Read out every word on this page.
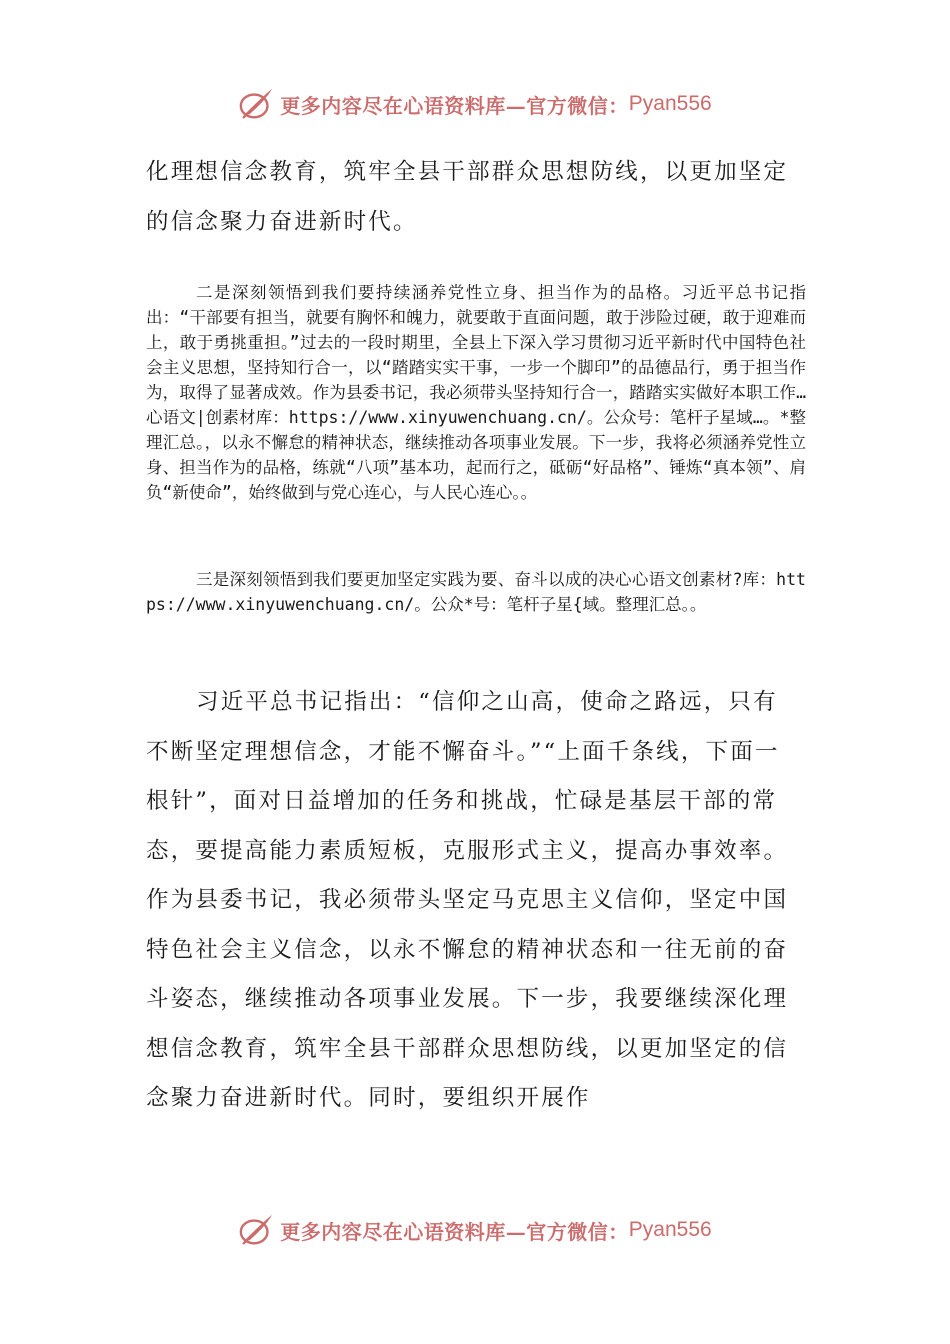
更多内容尽在心语资料库—官方微信： Pyan556

化理想信念教育，筑牢全县干部群众思想防线，以更加坚定的信念聚力奋进新时代。

二是深刻领悟到我们要持续涵养党性立身、担当作为的品格。习近平总书记指出：“干部要有担当，就要有胸怀和魄力，就要敢于直面问题，敢于涉险过硬，敢于迎难而上，敢于勇挑重担。”过去的一段时期里，全县上下深入学习贯彻习近平新时代中国特色社会主义思想，坚持知行合一，以“踏踏实实干事，一步一个脚印”的品德品行，勇于担当作为，取得了显著成效。作为县委书记，我必须带头坚持知行合一，踏踏实实做好本职工作…心语文|创素材库：https://www.xinyuwenchuang.cn/。公众号：笔杆子星域…。*整理汇总。，以永不懈怠的精神状态，继续推动各项事业发展。下一步，我将必须涵养党性立身、担当作为的品格，练就“八项”基本功，起而行之，砥砺“好品格”、锤炼“真本领”、肩负“新使命”，始终做到与党心连心，与人民心连心。。

三是深刻领悟到我们要更加坚定实践为要、奋斗以成的决心心语文创素材?库：https://www.xinyuwenchuang.cn/。公众*号：笔杆子星{域。整理汇总。。

习近平总书记指出：“信仰之山高，使命之路远，只有不断坚定理想信念，才能不懈奋斗。”“上面千条线，下面一根针”，面对日益增加的任务和挑战，忙碌是基层干部的常态，要提高能力素质短板，克服形式主义，提高办事效率。作为县委书记，我必须带头坚定马克思主义信仰，坚定中国特色社会主义信念，以永不懈怠的精神状态和一往无前的奋斗姿态，继续推动各项事业发展。下一步，我要继续深化理想信念教育，筑牢全县干部群众思想防线，以更加坚定的信念聚力奋进新时代。同时，要组织开展作

更多内容尽在心语资料库—官方微信： Pyan556
